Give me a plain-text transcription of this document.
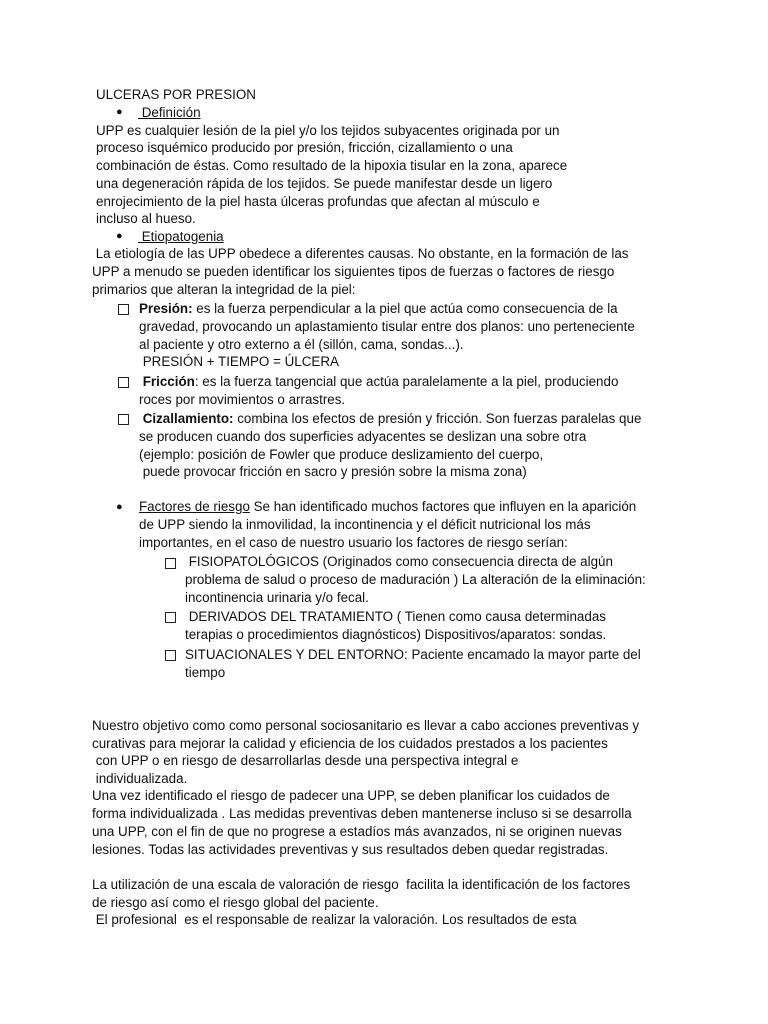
ULCERAS POR PRESION
● Definición
UPP es cualquier lesión de la piel y/o los tejidos subyacentes originada por un
proceso isquémico producido por presión, fricción, cizallamiento o una
combinación de éstas. Como resultado de la hipoxia tisular en la zona, aparece
una degeneración rápida de los tejidos. Se puede manifestar desde un ligero
enrojecimiento de la piel hasta úlceras profundas que afectan al músculo e
incluso al hueso.
● Etiopatogenia
La etiología de las UPP obedece a diferentes causas. No obstante, en la formación de las
UPP a menudo se pueden identificar los siguientes tipos de fuerzas o factores de riesgo
primarios que alteran la integridad de la piel:
Presión: es la fuerza perpendicular a la piel que actúa como consecuencia de la
gravedad, provocando un aplastamiento tisular entre dos planos: uno perteneciente
al paciente y otro externo a él (sillón, cama, sondas...).
PRESIÓN + TIEMPO = ÚLCERA
Fricción: es la fuerza tangencial que actúa paralelamente a la piel, produciendo
roces por movimientos o arrastres.
Cizallamiento: combina los efectos de presión y fricción. Son fuerzas paralelas que
se producen cuando dos superficies adyacentes se deslizan una sobre otra
(ejemplo: posición de Fowler que produce deslizamiento del cuerpo,
puede provocar fricción en sacro y presión sobre la misma zona)
● Factores de riesgo Se han identificado muchos factores que influyen en la aparición
de UPP siendo la inmovilidad, la incontinencia y el déficit nutricional los más
importantes, en el caso de nuestro usuario los factores de riesgo serían:
FISIOPATOLÓGICOS (Originados como consecuencia directa de algún
problema de salud o proceso de maduración ) La alteración de la eliminación:
incontinencia urinaria y/o fecal.
DERIVADOS DEL TRATAMIENTO ( Tienen como causa determinadas
terapias o procedimientos diagnósticos) Dispositivos/aparatos: sondas.
SITUACIONALES Y DEL ENTORNO: Paciente encamado la mayor parte del
tiempo
Nuestro objetivo como como personal sociosanitario es llevar a cabo acciones preventivas y
curativas para mejorar la calidad y eficiencia de los cuidados prestados a los pacientes
con UPP o en riesgo de desarrollarlas desde una perspectiva integral e
individualizada.
Una vez identificado el riesgo de padecer una UPP, se deben planificar los cuidados de
forma individualizada . Las medidas preventivas deben mantenerse incluso si se desarrolla
una UPP, con el fin de que no progrese a estadíos más avanzados, ni se originen nuevas
lesiones. Todas las actividades preventivas y sus resultados deben quedar registradas.
La utilización de una escala de valoración de riesgo  facilita la identificación de los factores
de riesgo así como el riesgo global del paciente.
El profesional  es el responsable de realizar la valoración. Los resultados de esta
